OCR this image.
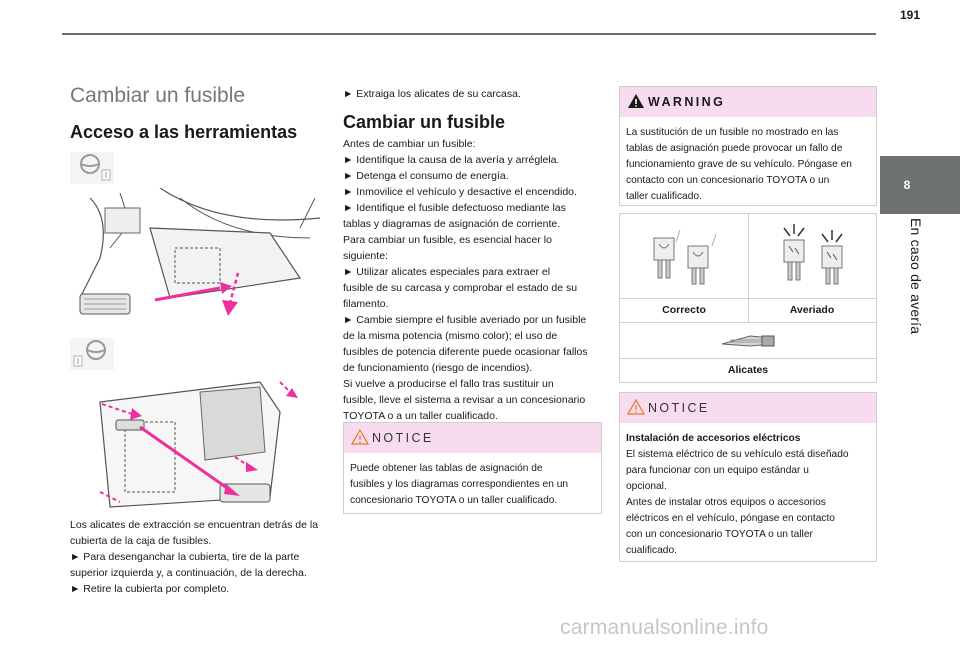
191
8
En caso de avería
Cambiar un fusible
Acceso a las herramientas

Los alicates de extracción se encuentran detrás de la

cubierta de la caja de fusibles.

► Para desenganchar la cubierta, tire de la parte

superior izquierda y, a continuación, de la derecha.

► Retire la cubierta por completo.

► Extraiga los alicates de su carcasa.
Cambiar un fusible

Antes de cambiar un fusible:

► Identifique la causa de la avería y arréglela.

► Detenga el consumo de energía.

► Inmovilice el vehículo y desactive el encendido.

► Identifique el fusible defectuoso mediante las

tablas y diagramas de asignación de corriente.

Para cambiar un fusible, es esencial hacer lo

siguiente:

► Utilizar alicates especiales para extraer el

fusible de su carcasa y comprobar el estado de su

filamento.

► Cambie siempre el fusible averiado por un fusible

de la misma potencia (mismo color); el uso de

fusibles de potencia diferente puede ocasionar fallos

de funcionamiento (riesgo de incendios).

Si vuelve a producirse el fallo tras sustituir un

fusible, lleve el sistema a revisar a un concesionario

TOYOTA o a un taller cualificado.

NOTICE

Puede obtener las tablas de asignación de

fusibles y los diagramas correspondientes en un

concesionario TOYOTA o un taller cualificado.

WARNING

La sustitución de un fusible no mostrado en las

tablas de asignación puede provocar un fallo de

funcionamiento grave de su vehículo. Póngase en

contacto con un concesionario TOYOTA o un

taller cualificado.

Correcto	Averiado
Alicates
NOTICE

Instalación de accesorios eléctricos

El sistema eléctrico de su vehículo está diseñado

para funcionar con un equipo estándar u

opcional.

Antes de instalar otros equipos o accesorios

eléctricos en el vehículo, póngase en contacto

con un concesionario TOYOTA o un taller

cualificado.

carmanualsonline.info
